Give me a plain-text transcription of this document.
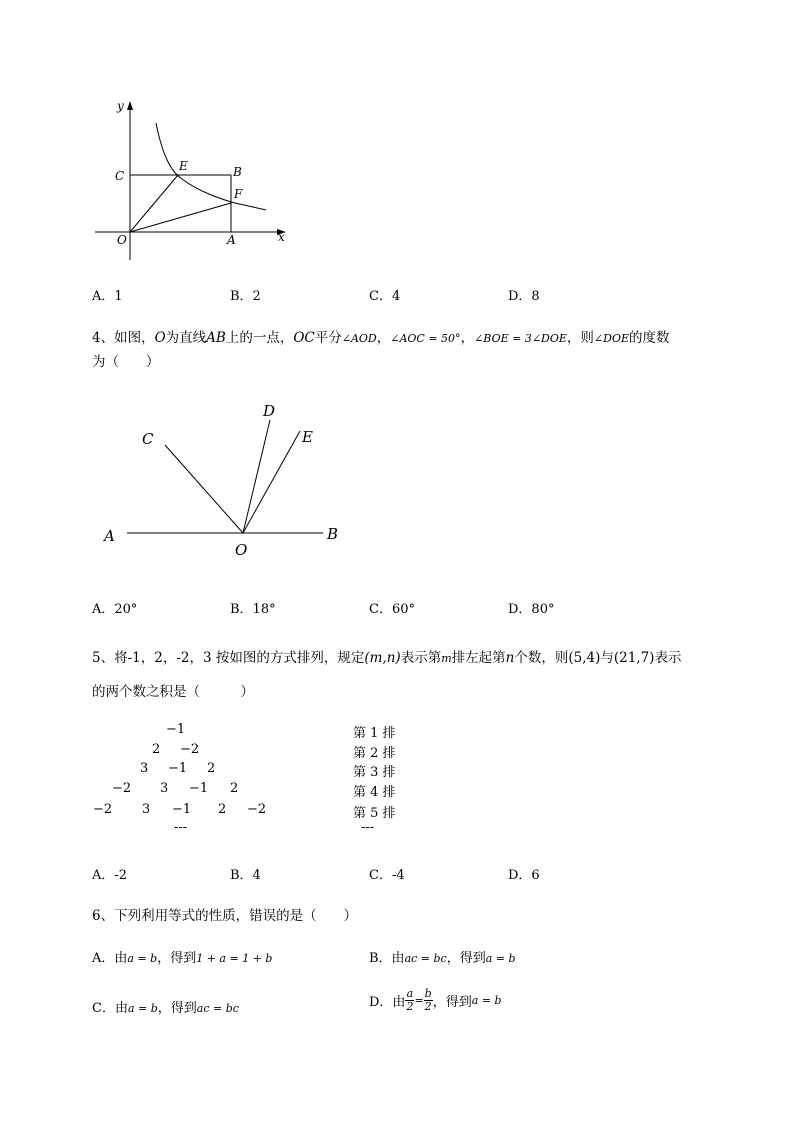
y
x
C
E	B
F
O	A
A．1	B．2	C．4	D．8
4、如图，O为直线AB上的一点，OC平分∠AOD，∠AOC = 50°，∠BOE = 3∠DOE，则∠DOE的度数
为（　　）
A
O
B
C
D
E
A．20°	B．18°	C．60°	D．80°
5、将-1，2，-2，3 按如图的方式排列，规定(m,n)表示第m排左起第n个数，则(5,4)与(21,7)表示
的两个数之积是（　　　）
−1
2 −2
3 −1 2
−2 3 −1 2
−2 3 −1 2 −2
---
第 1 排
第 2 排
第 3 排
第 4 排
第 5 排
---
A．-2	B．4	C．-4	D．6
6、下列利用等式的性质，错误的是（　　）
A．由a = b，得到1 + a = 1 + b	B．由ac = bc，得到a = b
C．由a = b，得到ac = bc	D．由 $\frac{a}{2} = \frac{b}{2}$ ，得到a = b
